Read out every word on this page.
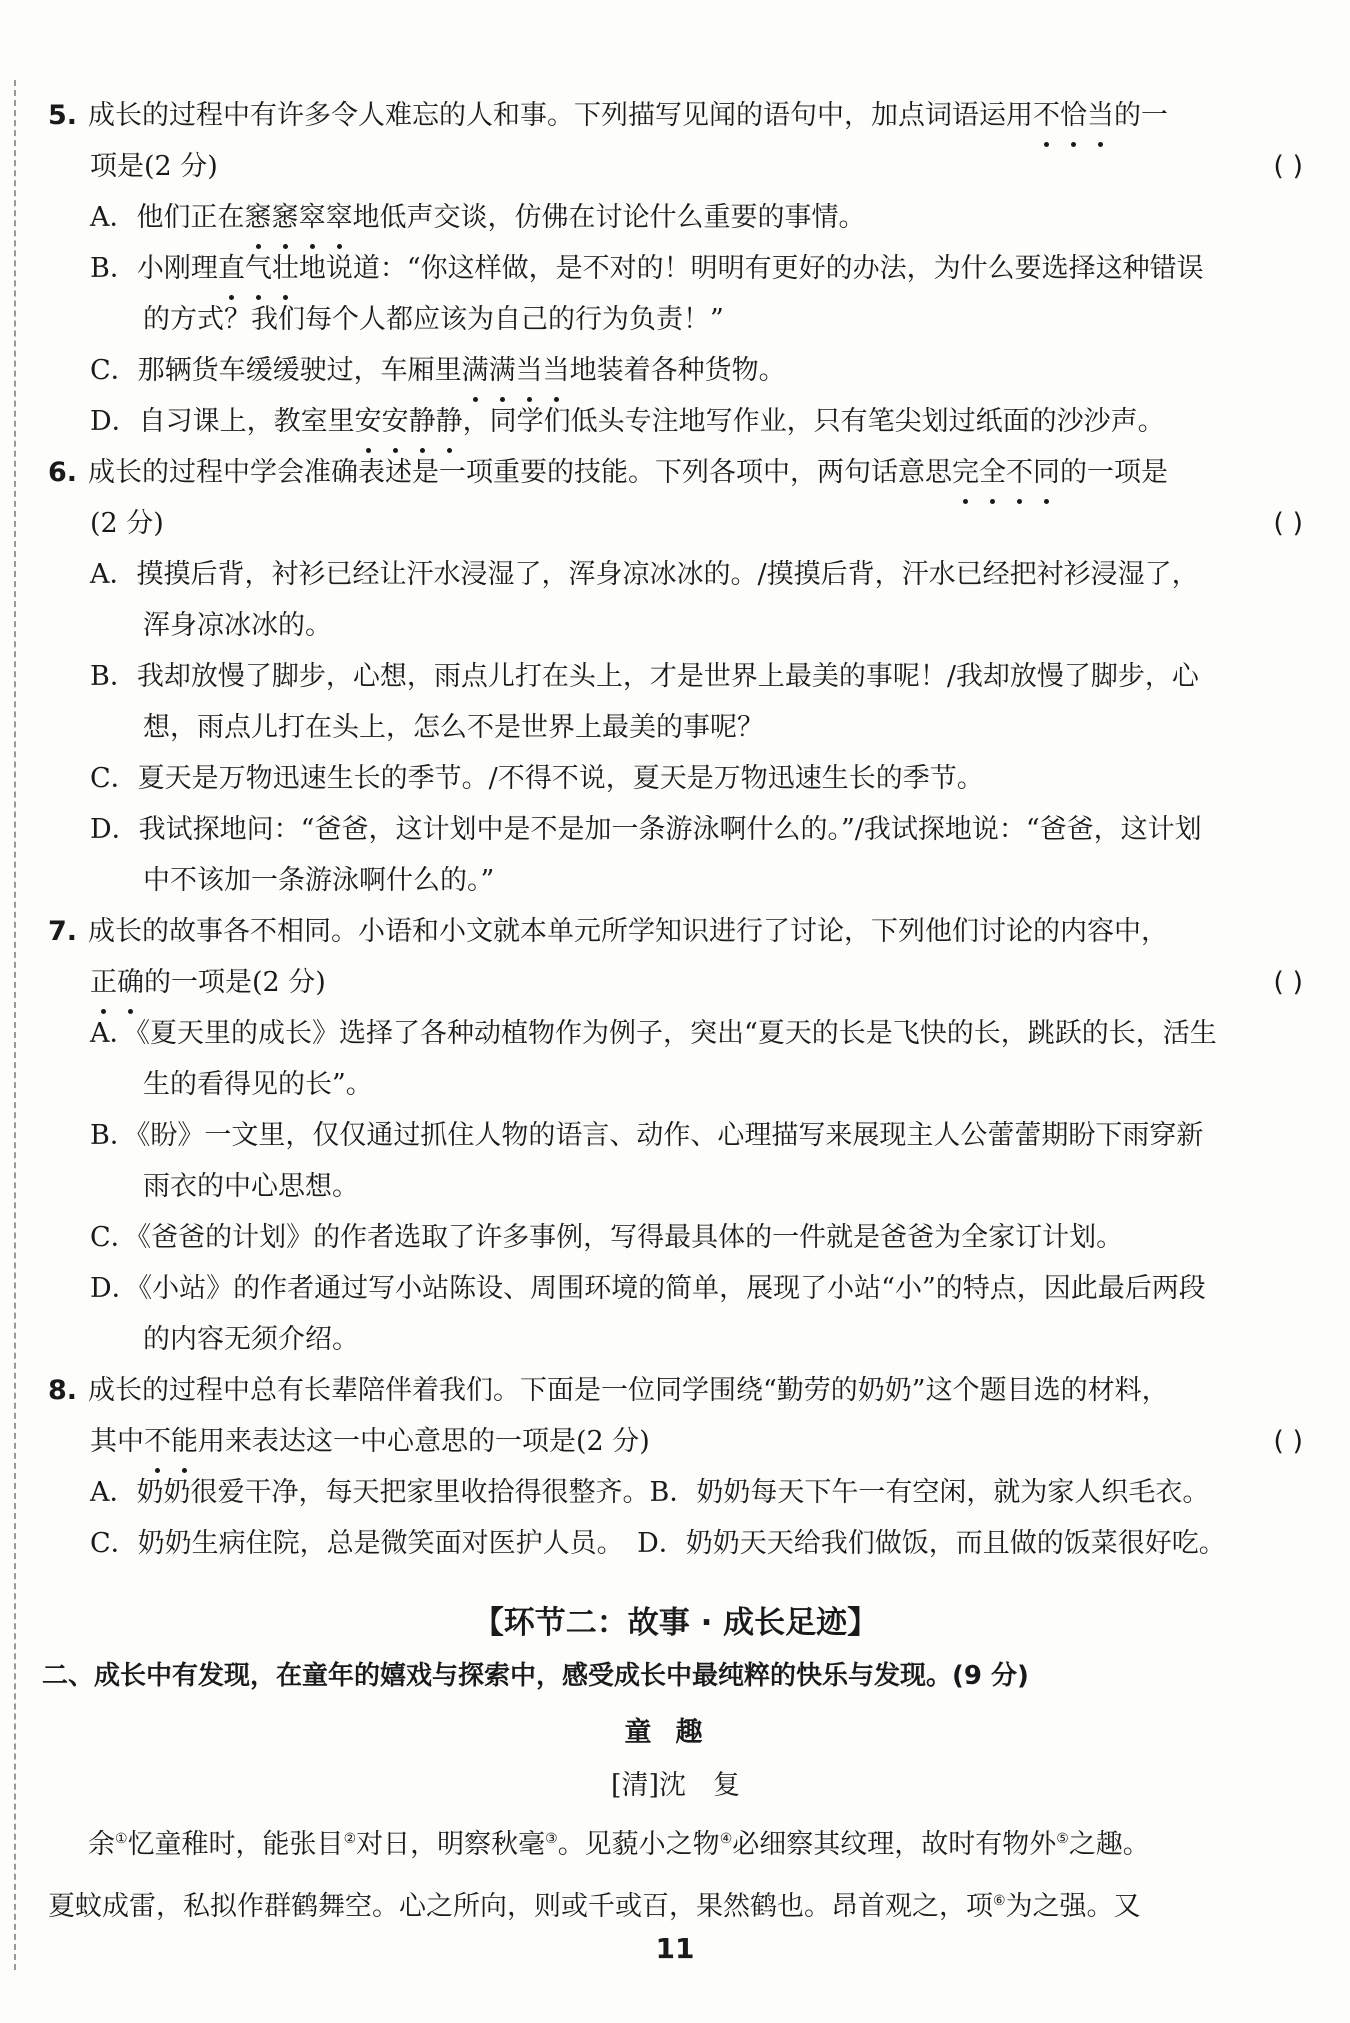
5. 成长的过程中有许多令人难忘的人和事。下列描写见闻的语句中，加点词语运用不恰当的一
项是(2 分)	( )
A．他们正在窸窸窣窣地低声交谈，仿佛在讨论什么重要的事情。
B．小刚理直气壮地说道：“你这样做，是不对的！明明有更好的办法，为什么要选择这种错误
的方式？我们每个人都应该为自己的行为负责！”
C．那辆货车缓缓驶过，车厢里满满当当地装着各种货物。
D．自习课上，教室里安安静静，同学们低头专注地写作业，只有笔尖划过纸面的沙沙声。
6. 成长的过程中学会准确表述是一项重要的技能。下列各项中，两句话意思完全不同的一项是
(2 分)	( )
A．摸摸后背，衬衫已经让汗水浸湿了，浑身凉冰冰的。/摸摸后背，汗水已经把衬衫浸湿了，
浑身凉冰冰的。
B．我却放慢了脚步，心想，雨点儿打在头上，才是世界上最美的事呢！/我却放慢了脚步，心
想，雨点儿打在头上，怎么不是世界上最美的事呢？
C．夏天是万物迅速生长的季节。/不得不说，夏天是万物迅速生长的季节。
D．我试探地问：“爸爸，这计划中是不是加一条游泳啊什么的。”/我试探地说：“爸爸，这计划
中不该加一条游泳啊什么的。”
7. 成长的故事各不相同。小语和小文就本单元所学知识进行了讨论，下列他们讨论的内容中，
正确的一项是(2 分)	( )
A．《夏天里的成长》选择了各种动植物作为例子，突出“夏天的长是飞快的长，跳跃的长，活生
生的看得见的长”。
B．《盼》一文里，仅仅通过抓住人物的语言、动作、心理描写来展现主人公蕾蕾期盼下雨穿新
雨衣的中心思想。
C．《爸爸的计划》的作者选取了许多事例，写得最具体的一件就是爸爸为全家订计划。
D．《小站》的作者通过写小站陈设、周围环境的简单，展现了小站“小”的特点，因此最后两段
的内容无须介绍。
8. 成长的过程中总有长辈陪伴着我们。下面是一位同学围绕“勤劳的奶奶”这个题目选的材料，
其中不能用来表达这一中心意思的一项是(2 分)	( )
A．奶奶很爱干净，每天把家里收拾得很整齐。B．奶奶每天下午一有空闲，就为家人织毛衣。
C．奶奶生病住院，总是微笑面对医护人员。　D．奶奶天天给我们做饭，而且做的饭菜很好吃。
【环节二：故事 · 成长足迹】
二、成长中有发现，在童年的嬉戏与探索中，感受成长中最纯粹的快乐与发现。(9 分)
童趣
[清]沈　复
余①忆童稚时，能张目②对日，明察秋毫③。见藐小之物④必细察其纹理，故时有物外⑤之趣。
夏蚊成雷，私拟作群鹤舞空。心之所向，则或千或百，果然鹤也。昂首观之，项⑥为之强。又
11
